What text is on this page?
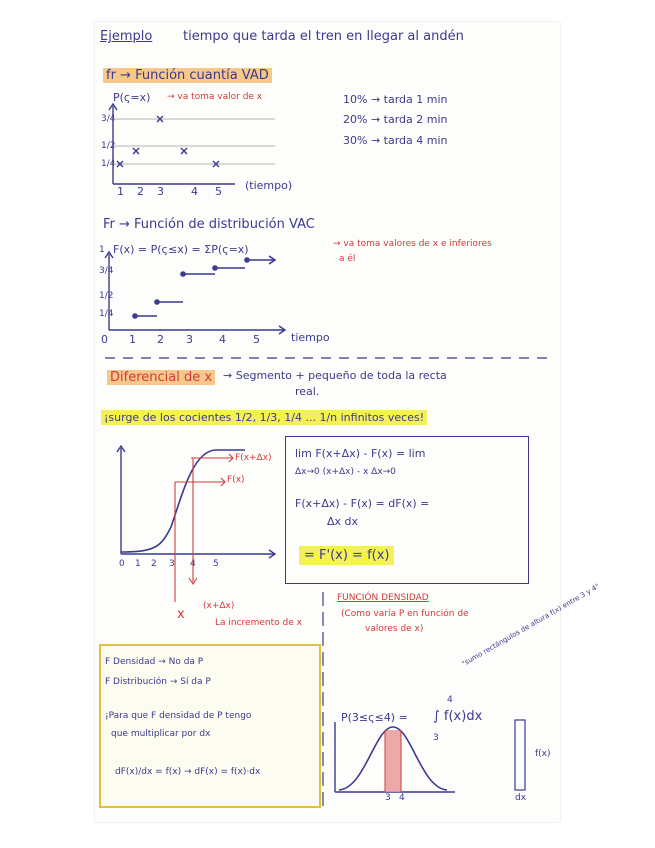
Ejemplo tiempo que tarda el tren en llegar al andén
fr → Función cuantía VAD
P(ς=x) → va toma valor de x
3/4
1/2
1/4
1 2 3 4 5 (tiempo)
10% → tarda 1 min
20% → tarda 2 min
30% → tarda 4 min
Fr → Función de distribución VAC
F(x) = P(ς≤x) = ΣP(ς=x)	→ va toma valores de x e inferiores
a él
1
3/4
1/2
1/4
0 1 2 3 4 5	tiempo
Diferencial de x → Segmento + pequeño de toda la recta
real.
¡surge de los cocientes 1/2, 1/3, 1/4 ... 1/n infinitos veces!
F(x+Δx)
F(x)
0 1 2 3 4 5
x
(x+Δx)
La incremento de x
lim F(x+Δx) - F(x) = lim
Δx→0 (x+Δx) - x Δx→0
F(x+Δx) - F(x) = dF(x) =
Δx dx
= F'(x) = f(x)
FUNCIÓN DENSIDAD
(Como varía P en función de
valores de x)
F Densidad → No da P
F Distribución → Sí da P
¡Para que F densidad de P tengo
que multiplicar por dx
dF(x)/dx = f(x) → dF(x) = f(x)·dx
P(3≤ς≤4) = ∫ f(x)dx
4
3
"sumo rectángulos de altura f(x) entre 3 y 4"
3 4
f(x)
dx
